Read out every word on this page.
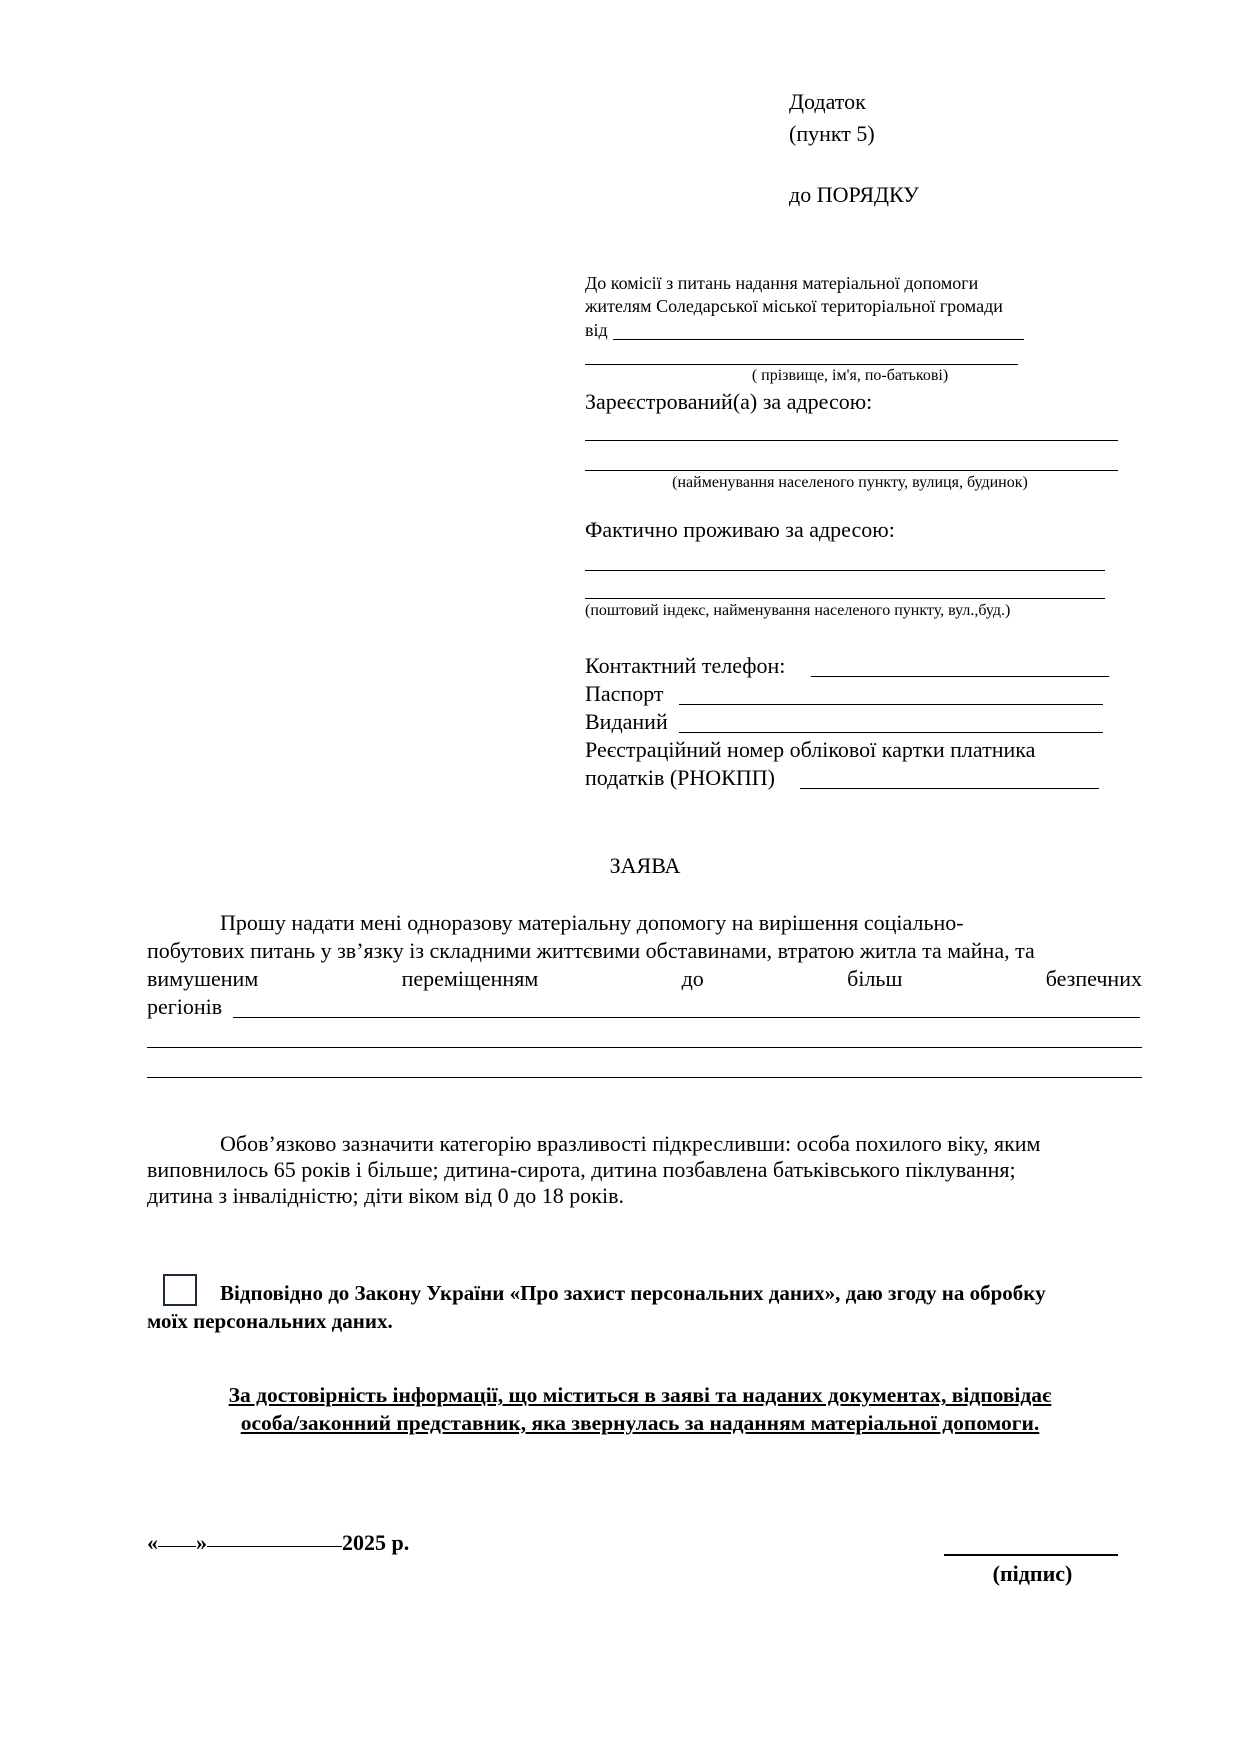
Додаток
(пункт 5)
до ПОРЯДКУ
До комісії з питань надання матеріальної допомоги
жителям Соледарської міської територіальної громади
від
( прізвище, ім'я, по-батькові)
Зареєстрований(а) за адресою:
(найменування населеного пункту, вулиця, будинок)
Фактично проживаю за адресою:
(поштовий індекс, найменування населеного пункту, вул.,буд.)
Контактний телефон:
Паспорт
Виданий
Реєстраційний номер облікової картки платника
податків (РНОКПП)
ЗАЯВА
Прошу надати мені одноразову матеріальну допомогу на вирішення соціально-
побутових питань у зв’язку із складними життєвими обставинами, втратою житла та майна, та
вимушеним	переміщенням	до	більш	безпечних
регіонів
Обов’язково зазначити категорію вразливості підкресливши: особа похилого віку, яким
виповнилось 65 років і більше; дитина-сирота, дитина позбавлена батьківського піклування;
дитина з інвалідністю; діти віком від 0 до 18 років.
Відповідно до Закону України «Про захист персональних даних», даю згоду на обробку
моїх персональних даних.
За достовірність інформації, що міститься в заяві та наданих документах, відповідає
особа/законний представник, яка звернулась за наданням матеріальної допомоги.
« »	2025 р.
(підпис)
